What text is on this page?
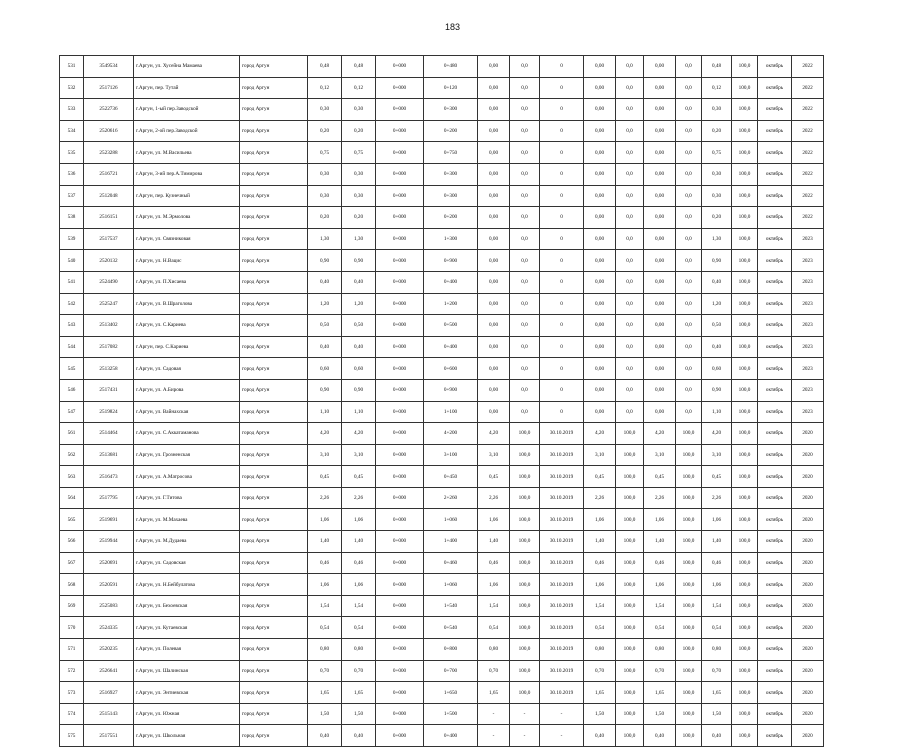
183
531	3549534	г.Аргун, ул. Хусейна Мамаева	город Аргун	0,48	0,48	0+000	0+480	0,00	0,0	0	0,00	0,0	0,00	0,0	0,48	100,0	октябрь	2022
532	2517126	г.Аргун, пер. Тутай	город Аргун	0,12	0,12	0+000	0+120	0,00	0,0	0	0,00	0,0	0,00	0,0	0,12	100,0	октябрь	2022
533	2522736	г.Аргун, 1-ый пер.Заводской	город Аргун	0,30	0,30	0+000	0+300	0,00	0,0	0	0,00	0,0	0,00	0,0	0,30	100,0	октябрь	2022
534	2520616	г.Аргун, 2-ой пер.Заводской	город Аргун	0,20	0,20	0+000	0+200	0,00	0,0	0	0,00	0,0	0,00	0,0	0,20	100,0	октябрь	2022
535	2523288	г.Аргун, ул. М.Васильева	город Аргун	0,75	0,75	0+000	0+750	0,00	0,0	0	0,00	0,0	0,00	0,0	0,75	100,0	октябрь	2022
536	2516721	г.Аргун, 3-ий пер.А.Тимирова	город Аргун	0,30	0,30	0+000	0+300	0,00	0,0	0	0,00	0,0	0,00	0,0	0,30	100,0	октябрь	2022
537	2512048	г.Аргун, пер. Кузнечный	город Аргун	0,30	0,30	0+000	0+300	0,00	0,0	0	0,00	0,0	0,00	0,0	0,30	100,0	октябрь	2022
538	2516151	г.Аргун, ул. М.Эрмолова	город Аргун	0,20	0,20	0+000	0+200	0,00	0,0	0	0,00	0,0	0,00	0,0	0,20	100,0	октябрь	2022
539	2517537	г.Аргун, ул. Связниковая	город Аргун	1,30	1,30	0+000	1+300	0,00	0,0	0	0,00	0,0	0,00	0,0	1,30	100,0	октябрь	2023
540	2520132	г.Аргун, ул. Н.Вацис	город Аргун	0,90	0,90	0+000	0+900	0,00	0,0	0	0,00	0,0	0,00	0,0	0,90	100,0	октябрь	2023
541	2524490	г.Аргун, ул. П.Хисаева	город Аргун	0,40	0,40	0+000	0+400	0,00	0,0	0	0,00	0,0	0,00	0,0	0,40	100,0	октябрь	2023
542	2525247	г.Аргун, ул. В.Шраголова	город Аргун	1,20	1,20	0+000	1+200	0,00	0,0	0	0,00	0,0	0,00	0,0	1,20	100,0	октябрь	2023
543	2513402	г.Аргун, ул. С.Кариева	город Аргун	0,50	0,50	0+000	0+500	0,00	0,0	0	0,00	0,0	0,00	0,0	0,50	100,0	октябрь	2023
544	2517082	г.Аргун, пер. С.Кариева	город Аргун	0,40	0,40	0+000	0+400	0,00	0,0	0	0,00	0,0	0,00	0,0	0,40	100,0	октябрь	2023
545	2513258	г.Аргун, ул. Садовая	город Аргун	0,60	0,60	0+000	0+600	0,00	0,0	0	0,00	0,0	0,00	0,0	0,60	100,0	октябрь	2023
546	2517431	г.Аргун, ул. А.Бирова	город Аргун	0,90	0,90	0+000	0+900	0,00	0,0	0	0,00	0,0	0,00	0,0	0,90	100,0	октябрь	2023
547	2519824	г.Аргун, ул. Вайнахская	город Аргун	1,10	1,10	0+000	1+100	0,00	0,0	0	0,00	0,0	0,00	0,0	1,10	100,0	октябрь	2023
561	2514464	г.Аргун, ул. С.Аккатаманова	город Аргун	4,20	4,20	0+000	4+200	4,20	100,0	30.10.2019	4,20	100,0	4,20	100,0	4,20	100,0	октябрь	2020
562	2513681	г.Аргун, ул. Грозненская	город Аргун	3,10	3,10	0+000	3+100	3,10	100,0	30.10.2019	3,10	100,0	3,10	100,0	3,10	100,0	октябрь	2020
563	2516473	г.Аргун, ул. А.Матросова	город Аргун	0,45	0,45	0+000	0+450	0,45	100,0	30.10.2019	0,45	100,0	0,45	100,0	0,45	100,0	октябрь	2020
564	2517795	г.Аргун, ул. Г.Титова	город Аргун	2,26	2,26	0+000	2+260	2,26	100,0	30.10.2019	2,26	100,0	2,26	100,0	2,26	100,0	октябрь	2020
565	2519691	г.Аргун, ул. М.Махаева	город Аргун	1,06	1,06	0+000	1+060	1,06	100,0	30.10.2019	1,06	100,0	1,06	100,0	1,06	100,0	октябрь	2020
566	2519944	г.Аргун, ул. М.Дудаева	город Аргун	1,40	1,40	0+000	1+400	1,40	100,0	30.10.2019	1,40	100,0	1,40	100,0	1,40	100,0	октябрь	2020
567	2520691	г.Аргун, ул. Садовская	город Аргун	0,46	0,46	0+000	0+460	0,46	100,0	30.10.2019	0,46	100,0	0,46	100,0	0,46	100,0	октябрь	2020
568	2520591	г.Аргун, ул. Н.Бейбулатова	город Аргун	1,06	1,06	0+000	1+060	1,06	100,0	30.10.2019	1,06	100,0	1,06	100,0	1,06	100,0	октябрь	2020
569	2525083	г.Аргун, ул. Бехоевская	город Аргун	1,54	1,54	0+000	1+540	1,54	100,0	30.10.2019	1,54	100,0	1,54	100,0	1,54	100,0	октябрь	2020
570	2524335	г.Аргун, ул. Кутаевская	город Аргун	0,54	0,54	0+000	0+540	0,54	100,0	30.10.2019	0,54	100,0	0,54	100,0	0,54	100,0	октябрь	2020
571	2520235	г.Аргун, ул. Полевая	город Аргун	0,80	0,80	0+000	0+800	0,80	100,0	30.10.2019	0,80	100,0	0,80	100,0	0,80	100,0	октябрь	2020
572	2526641	г.Аргун, ул. Шалинская	город Аргун	0,70	0,70	0+000	0+700	0,70	100,0	30.10.2019	0,70	100,0	0,70	100,0	0,70	100,0	октябрь	2020
573	2516927	г.Аргун, ул. Энтиевская	город Аргун	1,65	1,65	0+000	1+650	1,65	100,0	30.10.2019	1,65	100,0	1,65	100,0	1,65	100,0	октябрь	2020
574	2515143	г.Аргун, ул. Южная	город Аргун	1,50	1,50	0+000	1+500	-	-	-	1,50	100,0	1,50	100,0	1,50	100,0	октябрь	2020
575	2517551	г.Аргун, ул. Школьная	город Аргун	0,40	0,40	0+000	0+400	-	-	-	0,40	100,0	0,40	100,0	0,40	100,0	октябрь	2020
